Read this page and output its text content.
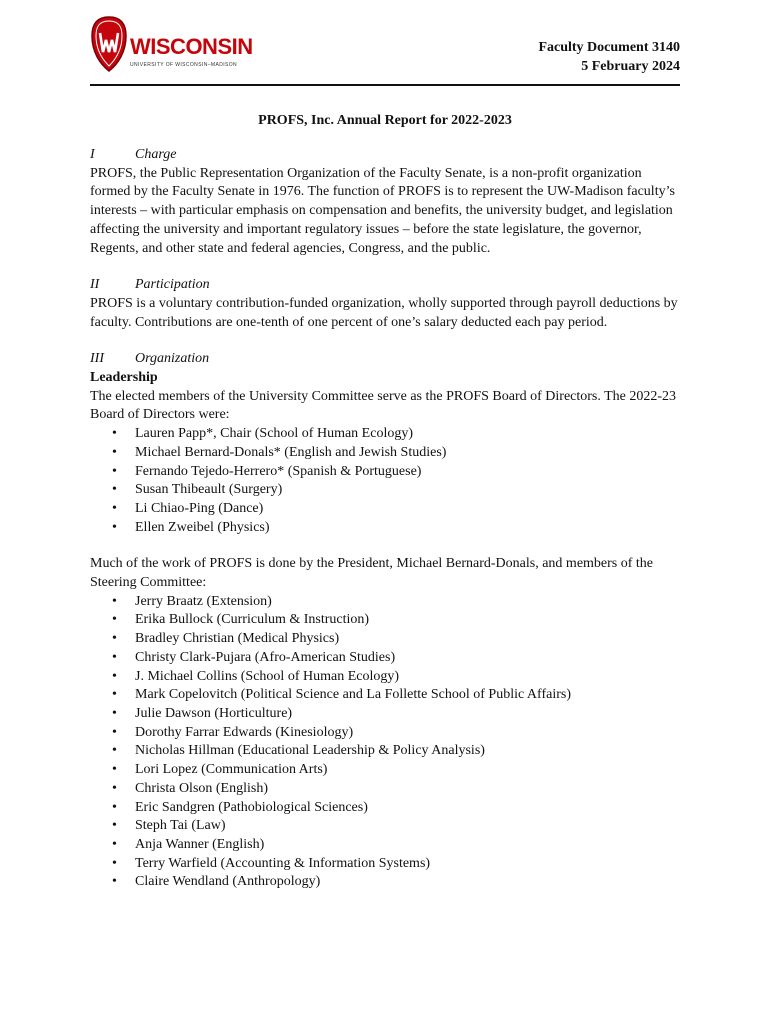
WISCONSIN
UNIVERSITY OF WISCONSIN–MADISON
Faculty Document 3140
5 February 2024
PROFS, Inc. Annual Report for 2022-2023
I	Charge

PROFS, the Public Representation Organization of the Faculty Senate, is a non-profit organization formed by the Faculty Senate in 1976. The function of PROFS is to represent the UW-Madison faculty’s interests – with particular emphasis on compensation and benefits, the university budget, and legislation affecting the university and important regulatory issues – before the state legislature, the governor, Regents, and other state and federal agencies, Congress, and the public.

II	Participation

PROFS is a voluntary contribution-funded organization, wholly supported through payroll deductions by faculty. Contributions are one-tenth of one percent of one’s salary deducted each pay period.

III	Organization
Leadership

The elected members of the University Committee serve as the PROFS Board of Directors. The 2022-23 Board of Directors were:

• Lauren Papp*, Chair (School of Human Ecology)
• Michael Bernard-Donals* (English and Jewish Studies)
• Fernando Tejedo-Herrero* (Spanish & Portuguese)
• Susan Thibeault (Surgery)
• Li Chiao-Ping (Dance)
• Ellen Zweibel (Physics)

Much of the work of PROFS is done by the President, Michael Bernard-Donals, and members of the Steering Committee:

• Jerry Braatz (Extension)
• Erika Bullock (Curriculum & Instruction)
• Bradley Christian (Medical Physics)
• Christy Clark-Pujara (Afro-American Studies)
• J. Michael Collins (School of Human Ecology)
• Mark Copelovitch (Political Science and La Follette School of Public Affairs)
• Julie Dawson (Horticulture)
• Dorothy Farrar Edwards (Kinesiology)
• Nicholas Hillman (Educational Leadership & Policy Analysis)
• Lori Lopez (Communication Arts)
• Christa Olson (English)
• Eric Sandgren (Pathobiological Sciences)
• Steph Tai (Law)
• Anja Wanner (English)
• Terry Warfield (Accounting & Information Systems)
• Claire Wendland (Anthropology)
